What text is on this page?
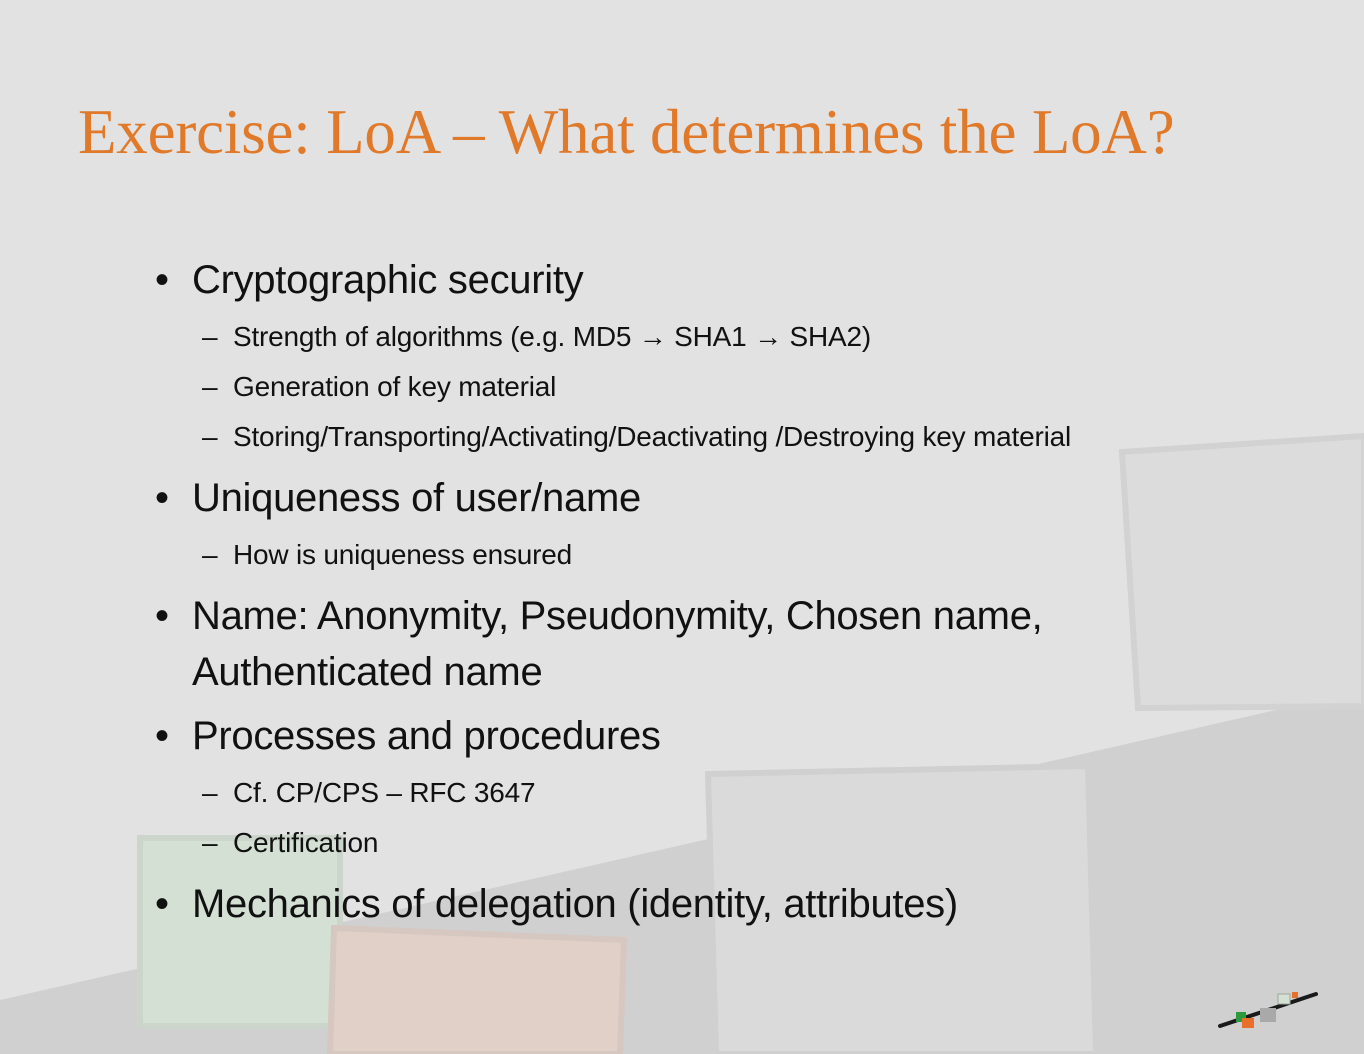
Exercise: LoA – What determines the LoA?
• Cryptographic security
– Strength of algorithms (e.g. MD5 → SHA1 → SHA2)
– Generation of key material
– Storing/Transporting/Activating/Deactivating /Destroying key material
• Uniqueness of user/name
– How is uniqueness ensured
• Name: Anonymity, Pseudonymity, Chosen name, Authenticated name
• Processes and procedures
– Cf. CP/CPS – RFC 3647
– Certification
• Mechanics of delegation (identity, attributes)
